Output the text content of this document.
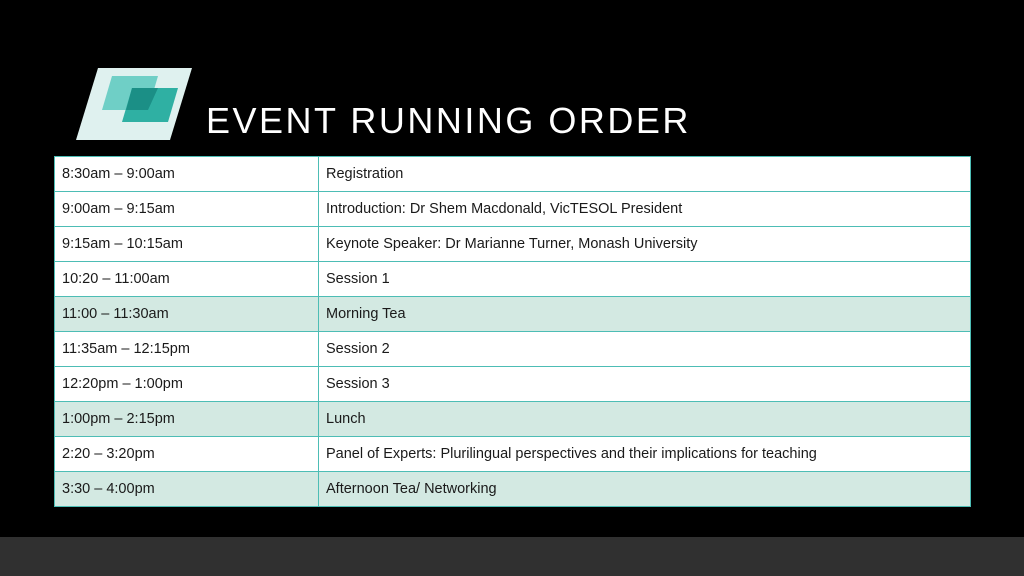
EVENT RUNNING ORDER
8:30am – 9:00am	Registration
9:00am – 9:15am	Introduction: Dr Shem Macdonald, VicTESOL President
9:15am – 10:15am	Keynote Speaker: Dr Marianne Turner, Monash University
10:20 – 11:00am	Session 1
11:00 – 11:30am	Morning Tea
11:35am – 12:15pm	Session 2
12:20pm – 1:00pm	Session 3
1:00pm – 2:15pm	Lunch
2:20 – 3:20pm	Panel of Experts: Plurilingual perspectives and their implications for teaching
3:30 – 4:00pm	Afternoon Tea/ Networking
